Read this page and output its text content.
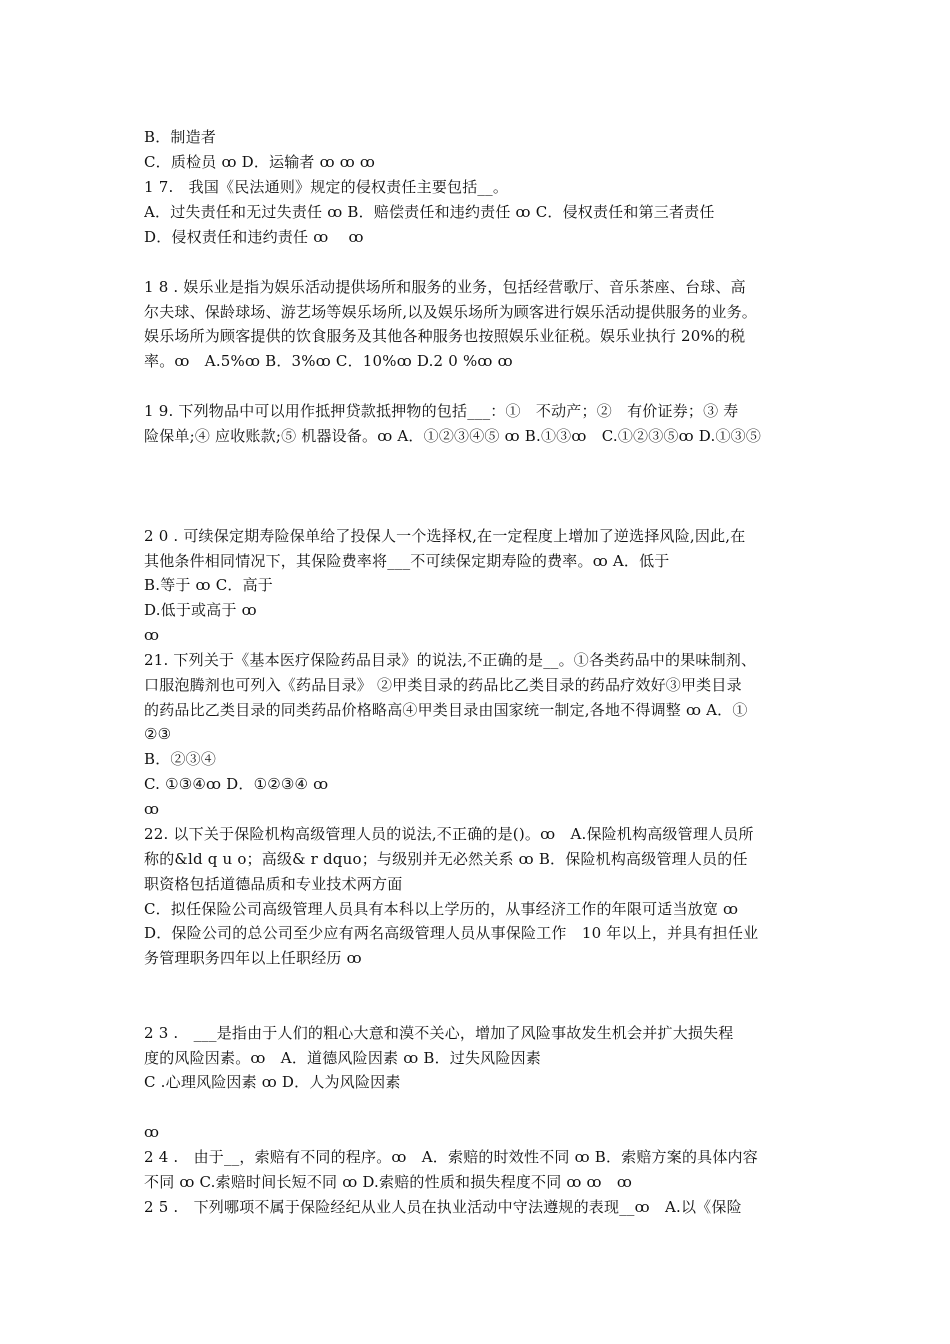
B．制造者
C．质检员 ꝏ D．运输者 ꝏ ꝏ ꝏ
1 7.　我国《民法通则》规定的侵权责任主要包括__。
A．过失责任和无过失责任 ꝏ B．赔偿责任和违约责任 ꝏ C．侵权责任和第三者责任
D．侵权责任和违约责任 ꝏ　 ꝏ
1 8 . 娱乐业是指为娱乐活动提供场所和服务的业务，包括经营歌厅、音乐茶座、台球、高
尔夫球、保龄球场、游艺场等娱乐场所,以及娱乐场所为顾客进行娱乐活动提供服务的业务。
娱乐场所为顾客提供的饮食服务及其他各种服务也按照娱乐业征税。娱乐业执行 20%的税
率。ꝏ　A.5%ꝏ B．3%ꝏ C．10%ꝏ D.2 0 %ꝏ ꝏ
1 9. 下列物品中可以用作抵押贷款抵押物的包括___：①　不动产；②　有价证券；③ 寿
险保单;④ 应收账款;⑤ 机器设备。ꝏ A．①②③④⑤ ꝏ B.①③ꝏ　C.①②③⑤ꝏ D.①③⑤
2 0 . 可续保定期寿险保单给了投保人一个选择权,在一定程度上增加了逆选择风险,因此,在
其他条件相同情况下，其保险费率将___不可续保定期寿险的费率。ꝏ A．低于
B.等于 ꝏ C．高于
D.低于或高于 ꝏ
ꝏ
21. 下列关于《基本医疗保险药品目录》的说法,不正确的是__。①各类药品中的果味制剂、
口服泡腾剂也可列入《药品目录》 ②甲类目录的药品比乙类目录的药品疗效好③甲类目录
的药品比乙类目录的同类药品价格略高④甲类目录由国家统一制定,各地不得调整 ꝏ A．①
②③
B．②③④
C. ①③④ꝏ D．①②③④ ꝏ
ꝏ
22. 以下关于保险机构高级管理人员的说法,不正确的是()。ꝏ　A.保险机构高级管理人员所
称的&ld q u o；高级& r dquo；与级别并无必然关系 ꝏ B．保险机构高级管理人员的任
职资格包括道德品质和专业技术两方面
C．拟任保险公司高级管理人员具有本科以上学历的，从事经济工作的年限可适当放宽 ꝏ
D．保险公司的总公司至少应有两名高级管理人员从事保险工作　10 年以上，并具有担任业
务管理职务四年以上任职经历 ꝏ
2 3 .　___是指由于人们的粗心大意和漠不关心，增加了风险事故发生机会并扩大损失程
度的风险因素。ꝏ　A．道德风险因素 ꝏ B．过失风险因素
C .心理风险因素 ꝏ D．人为风险因素
ꝏ
2 4 .　由于__，索赔有不同的程序。ꝏ　A．索赔的时效性不同 ꝏ B．索赔方案的具体内容
不同 ꝏ C.索赔时间长短不同 ꝏ D.索赔的性质和损失程度不同 ꝏ ꝏ　ꝏ
2 5 .　下列哪项不属于保险经纪从业人员在执业活动中守法遵规的表现__ꝏ　A.以《保险
